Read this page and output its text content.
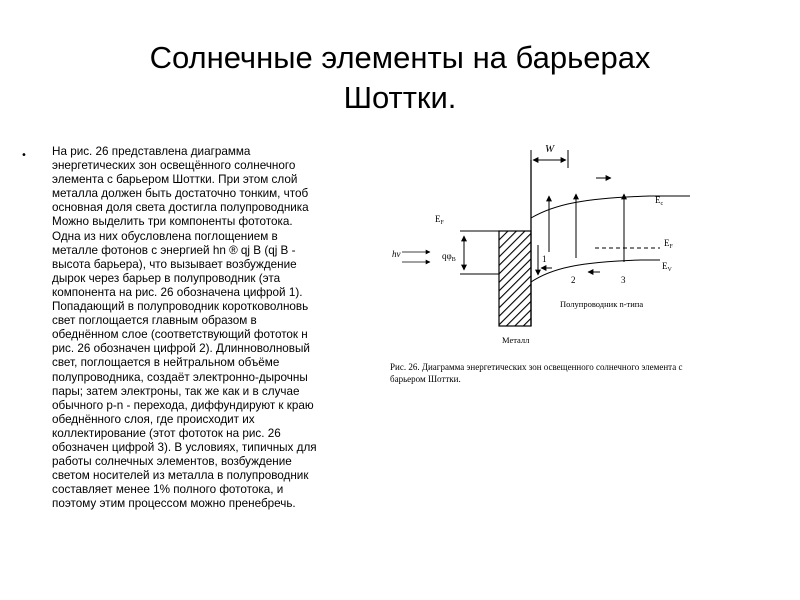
Солнечные элементы на барьерах
Шоттки.
• На рис. 26 представлена диаграмма
энергетических зон освещённого солнечного
элемента с барьером Шоттки. При этом слой
металла должен быть достаточно тонким, чтоб
основная доля света достигла полупроводника
Можно выделить три компоненты фототока.
Одна из них обусловлена поглощением в
металле фотонов с энергией hn ® qj B (qj B -
высота барьера), что вызывает возбуждение
дырок через барьер в полупроводник (эта
компонента на рис. 26 обозначена цифрой 1).
Попадающий в полупроводник коротковолновь
свет поглощается главным образом в
обеднённом слое (соответствующий фототок н
рис. 26 обозначен цифрой 2). Длинноволновый
свет, поглощается в нейтральном объёме
полупроводника, создаёт электронно-дырочны
пары; затем электроны, так же как и в случае
обычного p-n - перехода, диффундируют к краю
обеднённого слоя, где происходит их
коллектирование (этот фототок на рис. 26
обозначен цифрой 3). В условиях, типичных для
работы солнечных элементов, возбуждение
светом носителей из металла в полупроводник
составляет менее 1% полного фототока, и
поэтому этим процессом можно пренебречь.
W
Металл
$E_F$
hν	$q\varphi_B$
$E_c$
$E_V$
$E_F$
1
2	3
Полупроводник n-типа
Рис. 26. Диаграмма энергетических зон освещенного солнечного элемента с
барьером Шоттки.
